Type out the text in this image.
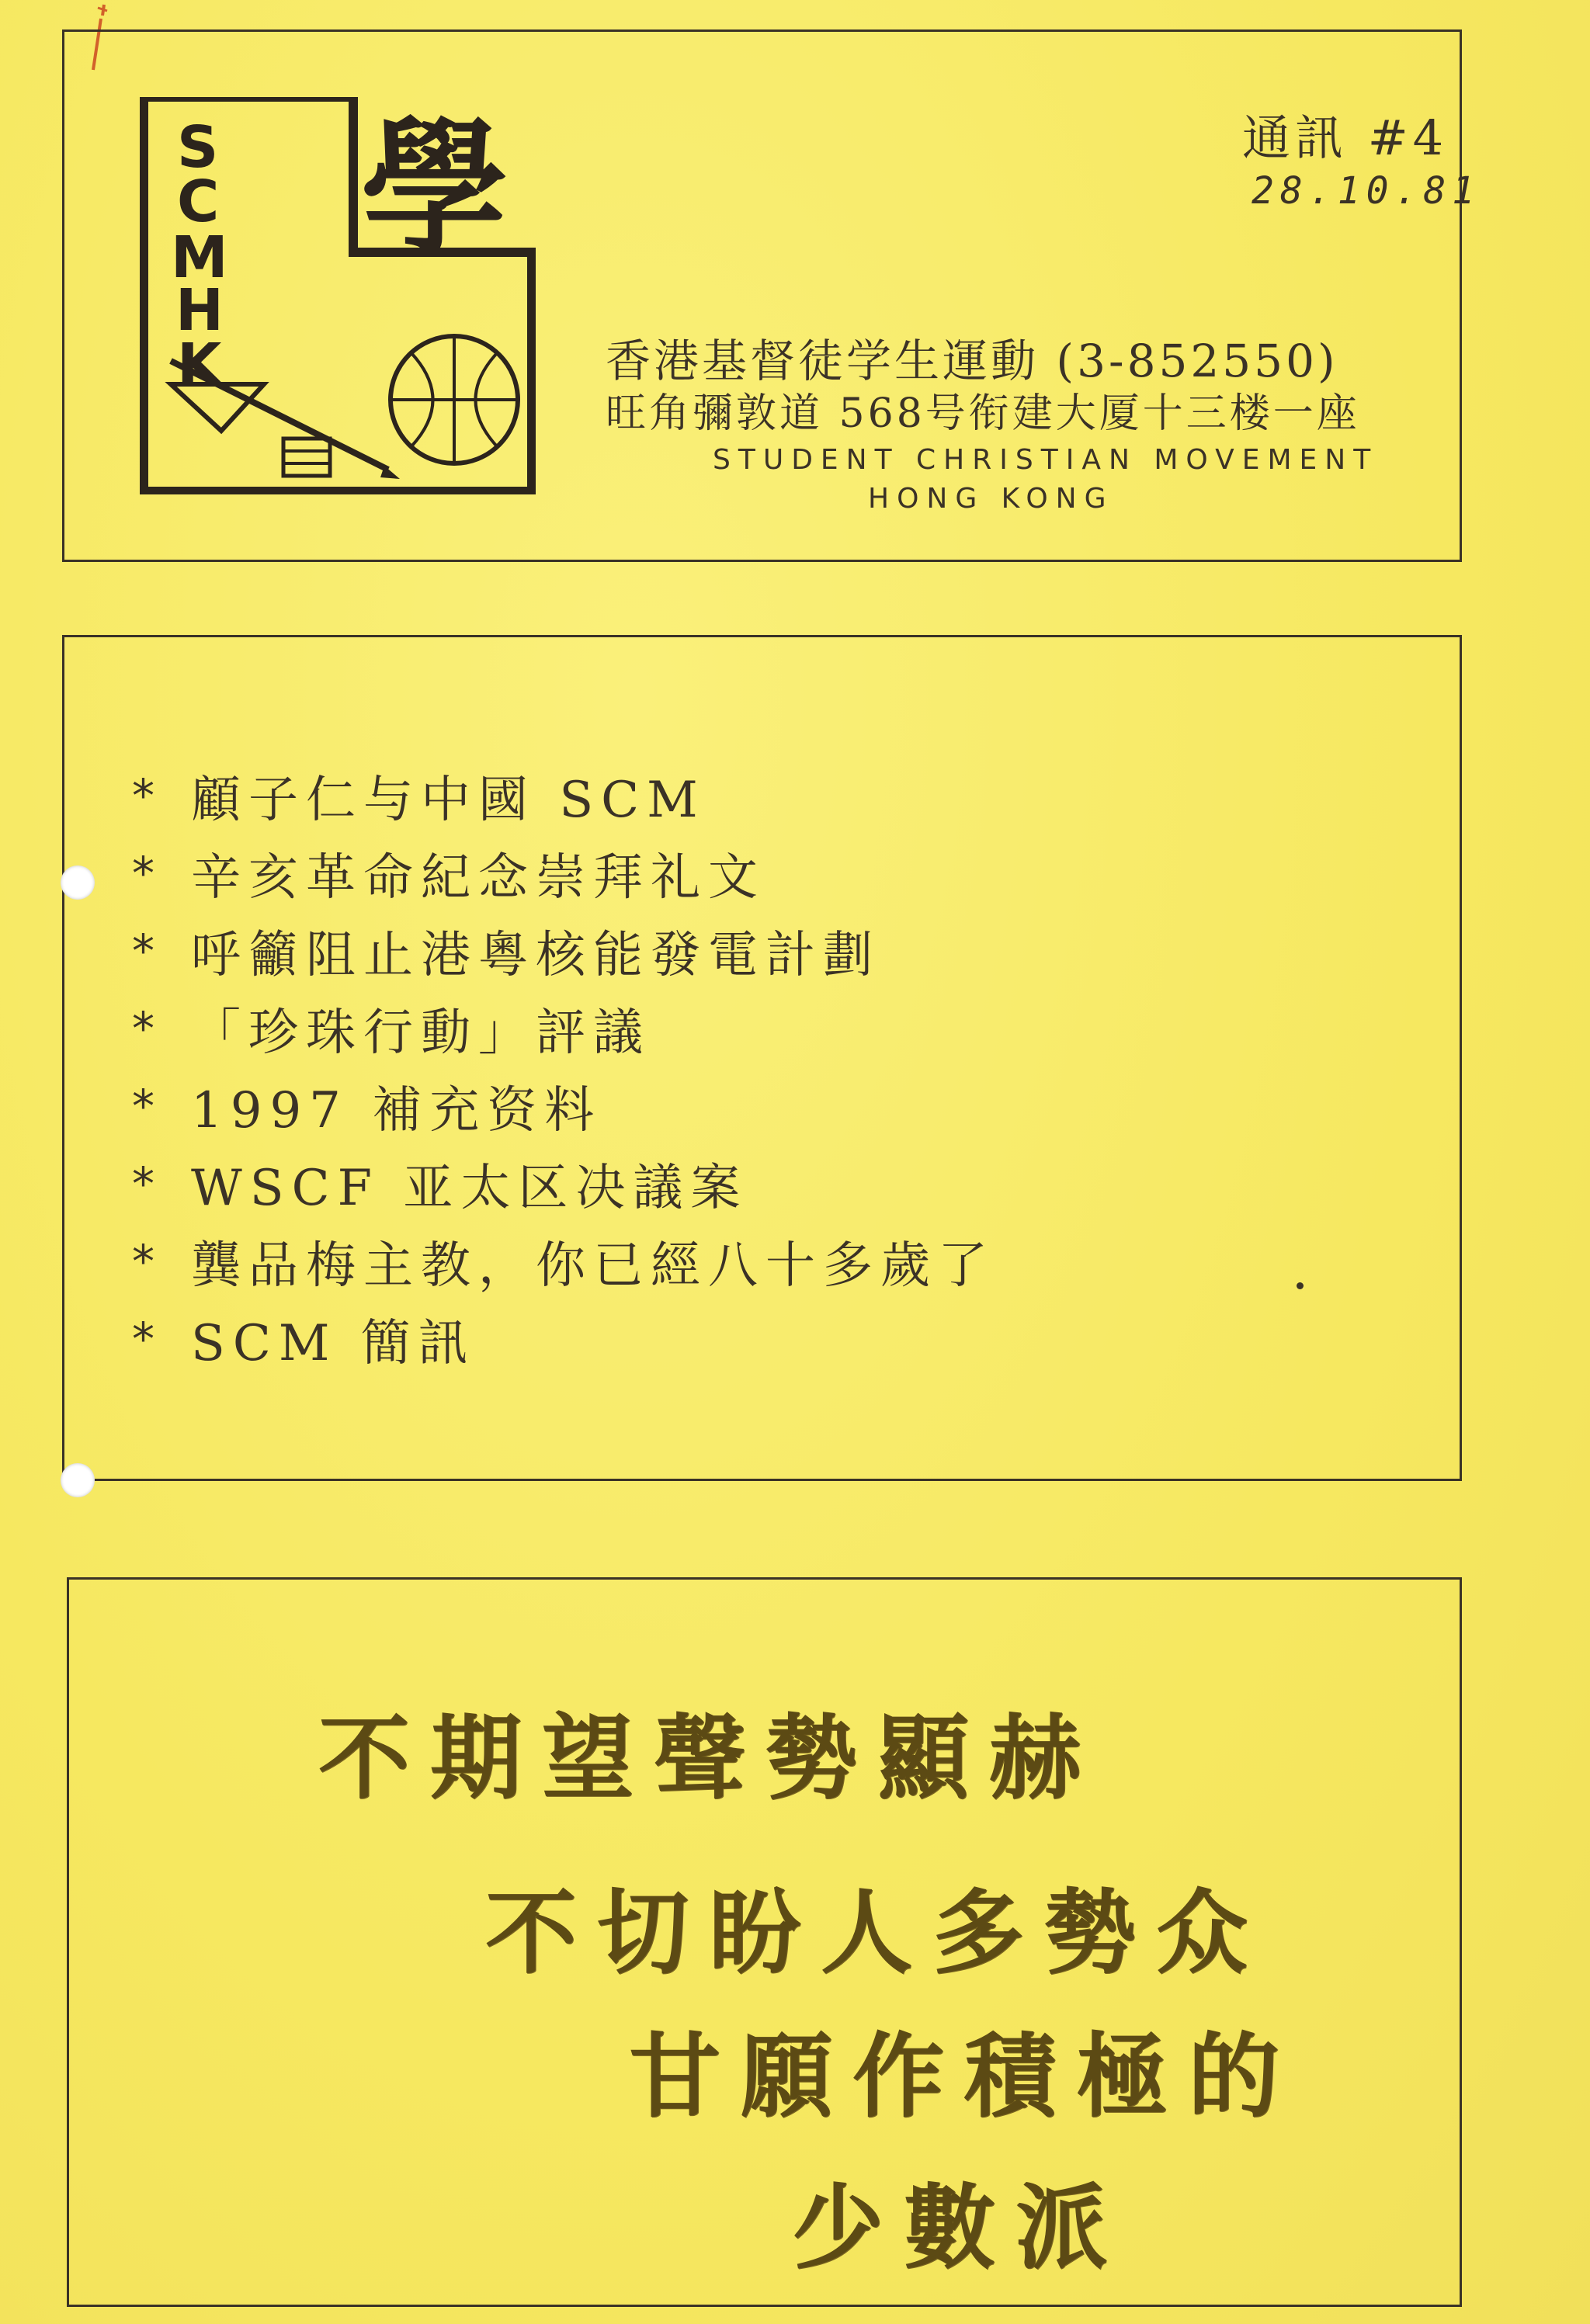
S
C
M
H
K
學	通訊 #4
28.10.81
香港基督徒学生運動 (3-852550)
旺角彌敦道 568号衔建大厦十三楼一座
STUDENT CHRISTIAN MOVEMENT
HONG KONG
* 顧子仁与中國 SCM
* 辛亥革命紀念崇拜礼文
* 呼籲阻止港粵核能發電計劃
* 「珍珠行動」評議
* 1997 補充资料
* WSCF 亚太区决議案
* 龔品梅主教，你已經八十多歲了
* SCM 簡訊
不期望聲勢顯赫
不切盼人多勢众
甘願作積極的
少數派
